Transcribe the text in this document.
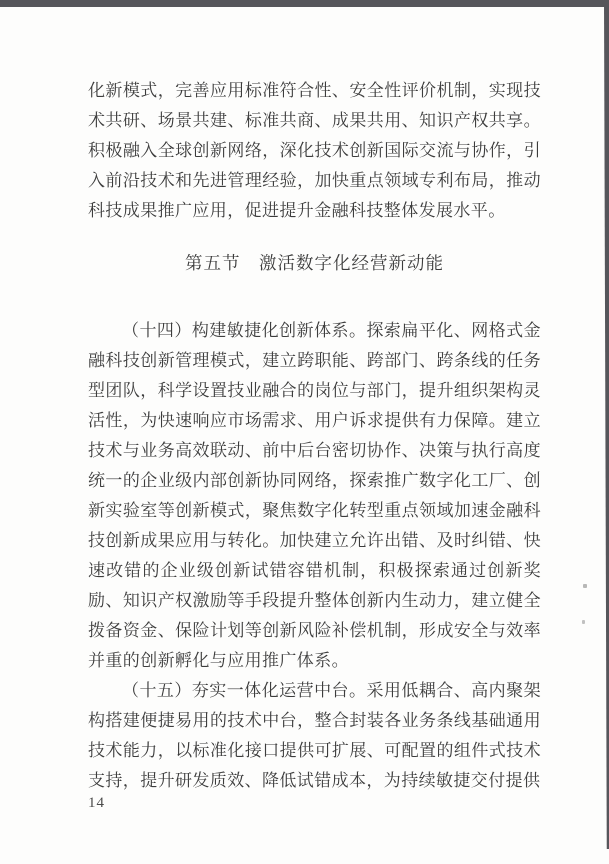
化新模式，完善应用标准符合性、安全性评价机制，实现技术共研、场景共建、标准共商、成果共用、知识产权共享。积极融入全球创新网络，深化技术创新国际交流与协作，引入前沿技术和先进管理经验，加快重点领域专利布局，推动科技成果推广应用，促进提升金融科技整体发展水平。

第五节　激活数字化经营新动能

（十四）构建敏捷化创新体系。探索扁平化、网格式金融科技创新管理模式，建立跨职能、跨部门、跨条线的任务型团队，科学设置技业融合的岗位与部门，提升组织架构灵活性，为快速响应市场需求、用户诉求提供有力保障。建立技术与业务高效联动、前中后台密切协作、决策与执行高度统一的企业级内部创新协同网络，探索推广数字化工厂、创新实验室等创新模式，聚焦数字化转型重点领域加速金融科技创新成果应用与转化。加快建立允许出错、及时纠错、快速改错的企业级创新试错容错机制，积极探索通过创新奖励、知识产权激励等手段提升整体创新内生动力，建立健全拨备资金、保险计划等创新风险补偿机制，形成安全与效率并重的创新孵化与应用推广体系。

（十五）夯实一体化运营中台。采用低耦合、高内聚架构搭建便捷易用的技术中台，整合封装各业务条线基础通用技术能力，以标准化接口提供可扩展、可配置的组件式技术支持，提升研发质效、降低试错成本，为持续敏捷交付提供

14
